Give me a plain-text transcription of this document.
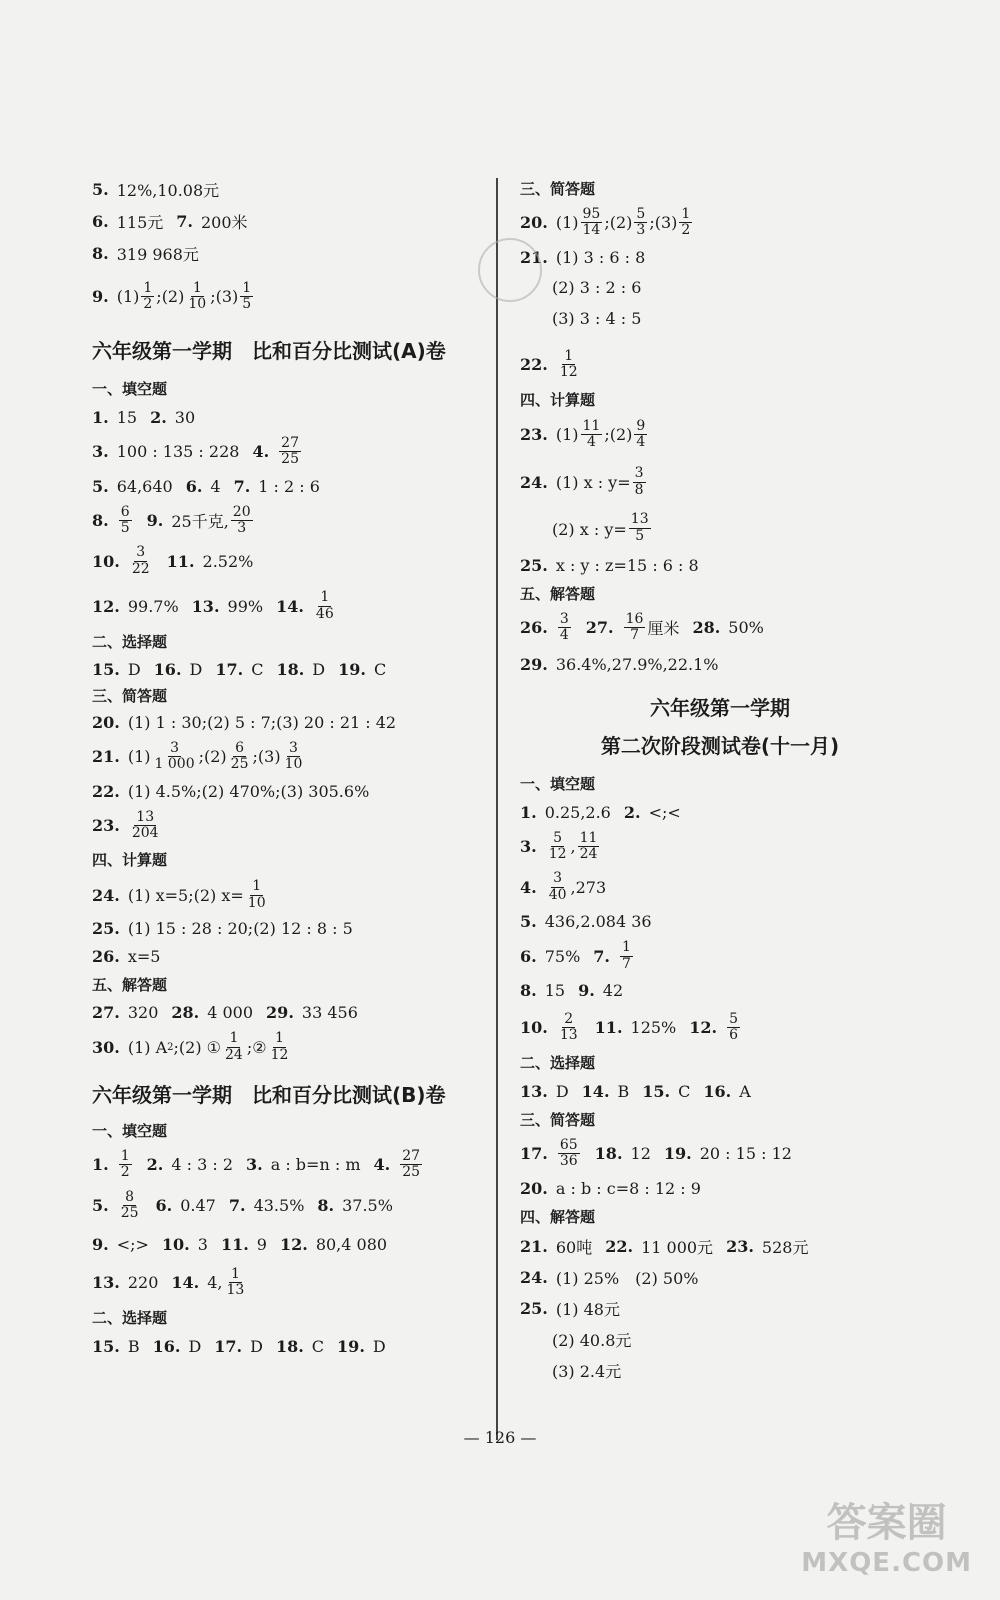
5. 12%,10.08元
6. 115元 7. 200米
8. 319 968元
9. $(1) \frac{1}{2}$ ;(2) $\frac{1}{10}$ ;(3) $\frac{1}{5}$
六年级第一学期　比和百分比测试(A)卷
一、填空题
1. 15 2. 30
3. 100 : 135 : 228 4. $\frac{27}{25}$
5. 64,640 6. 4 7. 1 : 2 : 6
8. $\frac{6}{5} 9$. 25千克, $\frac{20}{3}$
10. $\frac{3}{22} 11$. 2.52%
12. 99.7% 13. 99% 14. $\frac{1}{46}$
二、选择题
15. D 16. D 17. C 18. D 19. C
三、简答题
20. (1) 1 : 30;(2) 5 : 7;(3) 20 : 21 : 42
21. $(1) \frac{3}{1 000}$ ;(2) $\frac{6}{25}$ ;(3) $\frac{3}{10}$
22. (1) 4.5%;(2) 470%;(3) 305.6%
23. $\frac{13}{204}$
四、计算题
24. (1) x=5;(2) $x= \frac{1}{10}$
25. (1) 15 : 28 : 20;(2) 12 : 8 : 5
26. x=5
五、解答题
27. 320 28. 4 000 29. 33 456
30. (1) A 2 ;(2) ① $\frac{1}{24}$ ;② $\frac{1}{12}$
六年级第一学期　比和百分比测试(B)卷
一、填空题
1. $\frac{1}{2} 2$. 4 : 3 : 2 3. a : b=n : m 4. $\frac{27}{25}$
5. $\frac{8}{25} 6$. 0.47 7. 43.5% 8. 37.5%
9. <;> 10. 3 11. 9 12. 80,4 080
13. 220 14. 4, $\frac{1}{13}$
二、选择题
15. B 16. D 17. D 18. C 19. D
三、简答题
20. $(1) \frac{95}{14}$ ;(2) $\frac{5}{3}$ ;(3) $\frac{1}{2}$
21. (1) 3 : 6 : 8
　　(2) 3 : 2 : 6
　　(3) 3 : 4 : 5
22. $\frac{1}{12}$
四、计算题
23. $(1) \frac{11}{4}$ ;(2) $\frac{9}{4}$
24. (1) x : $y= \frac{3}{8}$
　　(2) x : $y= \frac{13}{5}$
25. x : y : z=15 : 6 : 8
五、解答题
26. $\frac{3}{4} 27$. $\frac{16}{7}$ 厘米 28. 50%
29. 36.4%,27.9%,22.1%
六年级第一学期
第二次阶段测试卷(十一月)
一、填空题
1. 0.25,2.6 2. <;<
3. $\frac{5}{12}$ , $\frac{11}{24}$
4. $\frac{3}{40} ,273$
5. 436,2.084 36
6. 75% 7. $\frac{1}{7}$
8. 15 9. 42
10. $\frac{2}{13} 11$. 125% 12. $\frac{5}{6}$
二、选择题
13. D 14. B 15. C 16. A
三、简答题
17. $\frac{65}{36} 18$. 12 19. 20 : 15 : 12
20. a : b : c=8 : 12 : 9
四、解答题
21. 60吨 22. 11 000元 23. 528元
24. (1) 25%　(2) 50%
25. (1) 48元
　　(2) 40.8元
　　(3) 2.4元
— 126 —
答案圈
MXQE.COM
